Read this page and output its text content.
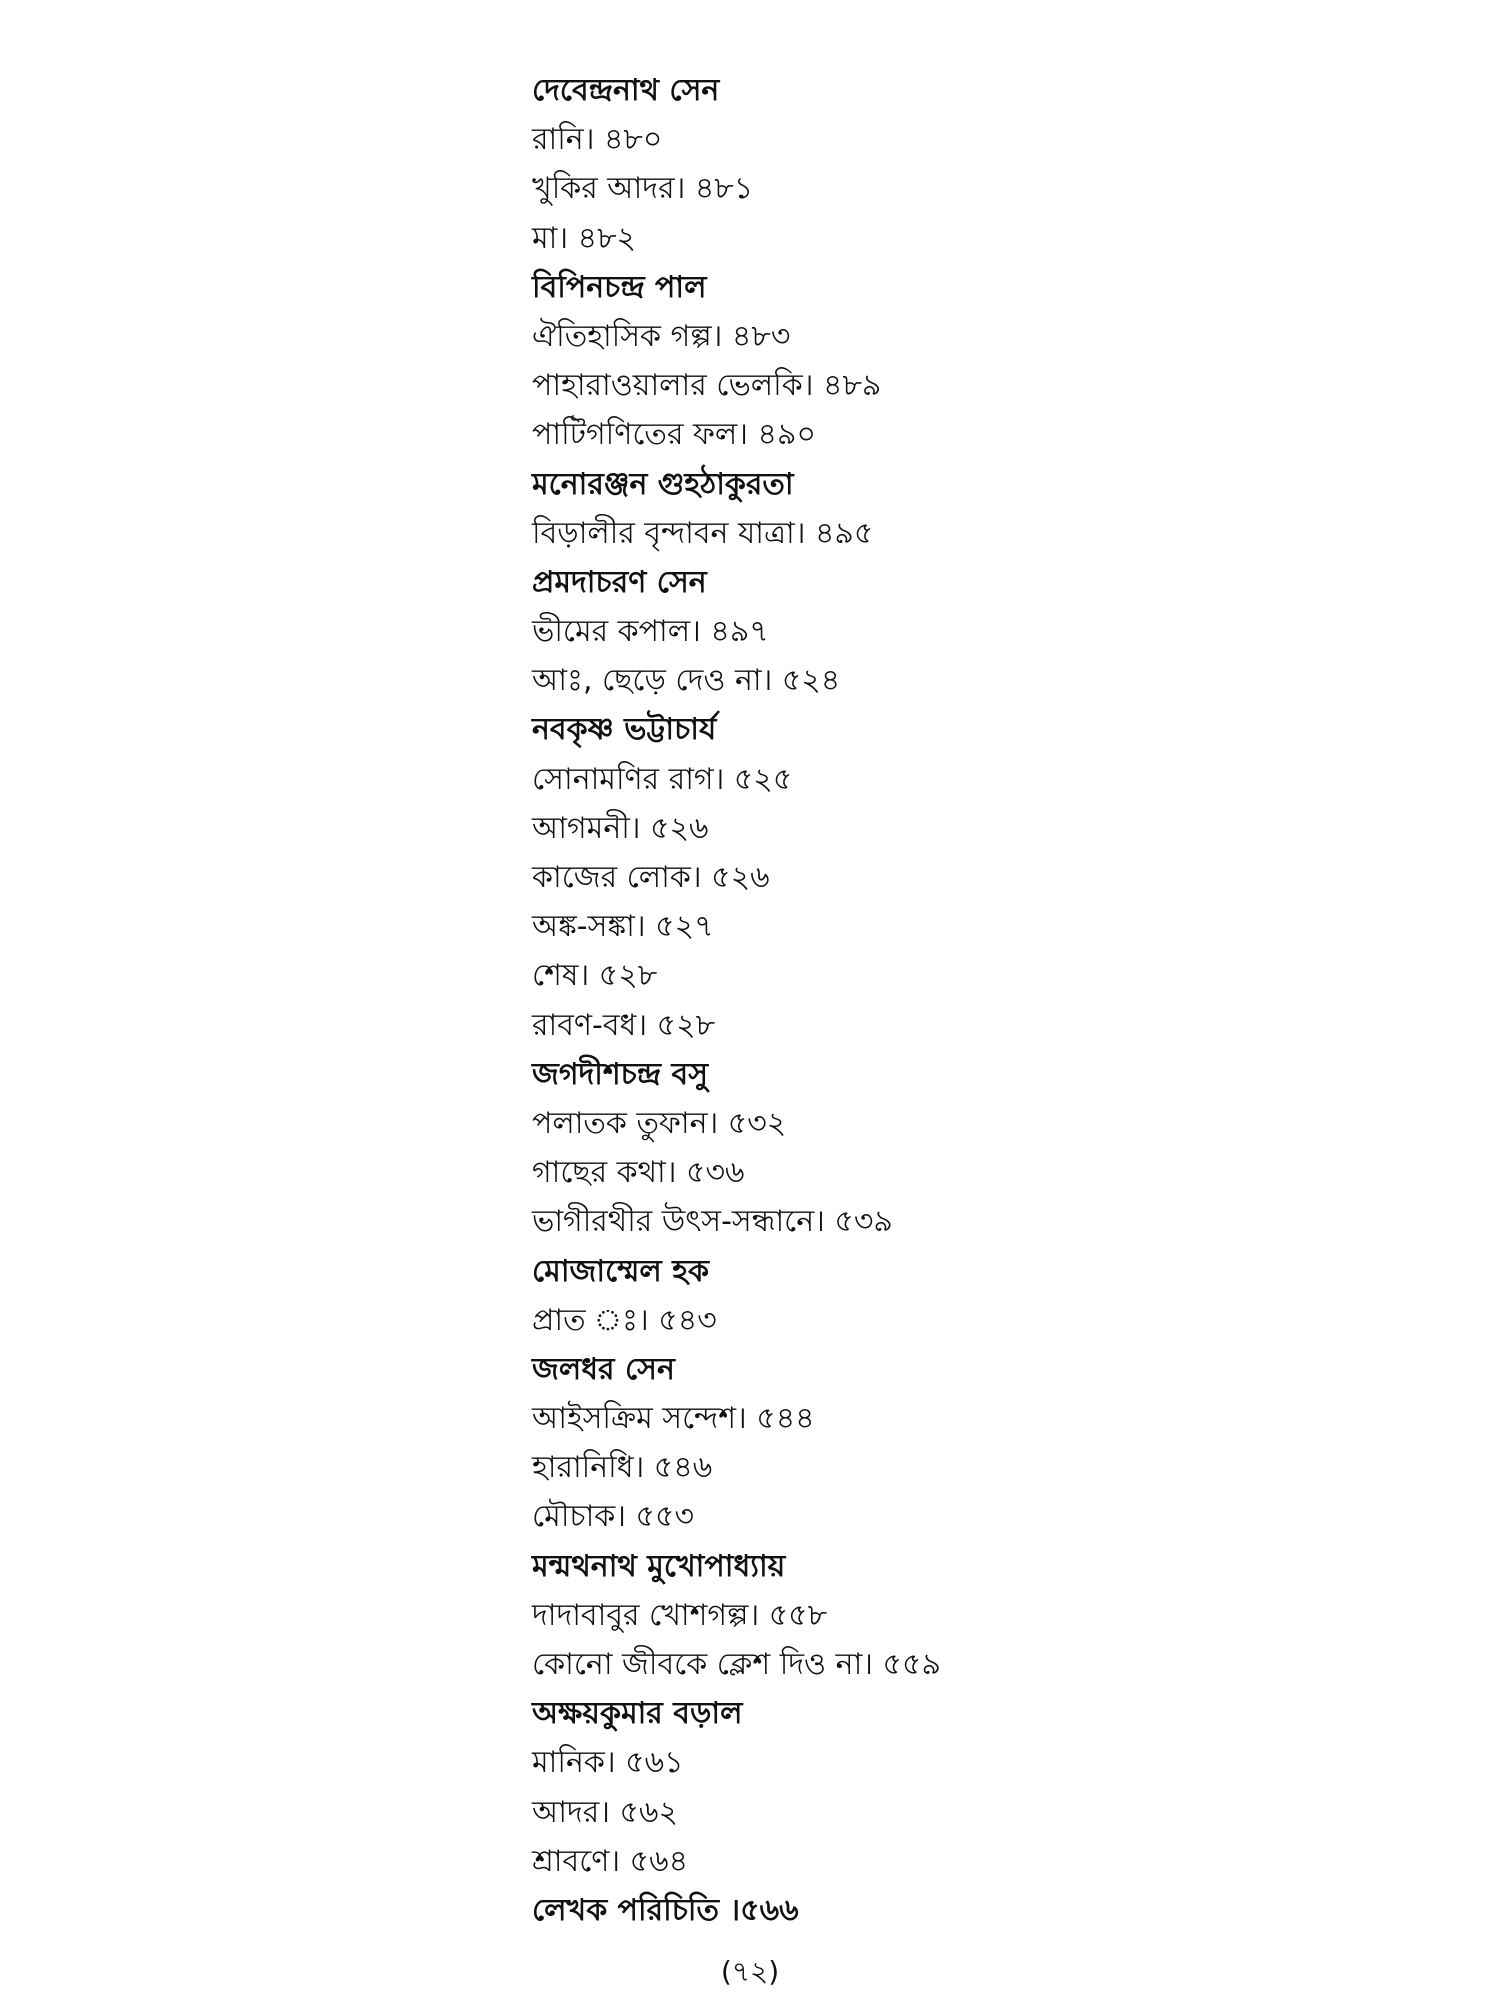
দেবেন্দ্রনাথ সেন
রানি। ৪৮০
খুকির আদর। ৪৮১
মা। ৪৮২
বিপিনচন্দ্র পাল
ঐতিহাসিক গল্প। ৪৮৩
পাহারাওয়ালার ভেলকি। ৪৮৯
পাটিগণিতের ফল। ৪৯০
মনোরঞ্জন গুহঠাকুরতা
বিড়ালীর বৃন্দাবন যাত্রা। ৪৯৫
প্রমদাচরণ সেন
ভীমের কপাল। ৪৯৭
আঃ, ছেড়ে দেও না। ৫২৪
নবকৃষ্ণ ভট্টাচার্য
সোনামণির রাগ। ৫২৫
আগমনী। ৫২৬
কাজের লোক। ৫২৬
অঙ্ক-সঙ্কা। ৫২৭
শেষ। ৫২৮
রাবণ-বধ। ৫২৮
জগদীশচন্দ্র বসু
পলাতক তুফান। ৫৩২
গাছের কথা। ৫৩৬
ভাগীরথীর উৎস-সন্ধানে। ৫৩৯
মোজাম্মেল হক
প্রাত ঃ। ৫৪৩
জলধর সেন
আইসক্রিম সন্দেশ। ৫৪৪
হারানিধি। ৫৪৬
মৌচাক। ৫৫৩
মন্মথনাথ মুখোপাধ্যায়
দাদাবাবুর খোশগল্প। ৫৫৮
কোনো জীবকে ক্লেশ দিও না। ৫৫৯
অক্ষয়কুমার বড়াল
মানিক। ৫৬১
আদর। ৫৬২
শ্রাবণে। ৫৬৪
লেখক পরিচিতি ।৫৬৬
(৭২)
